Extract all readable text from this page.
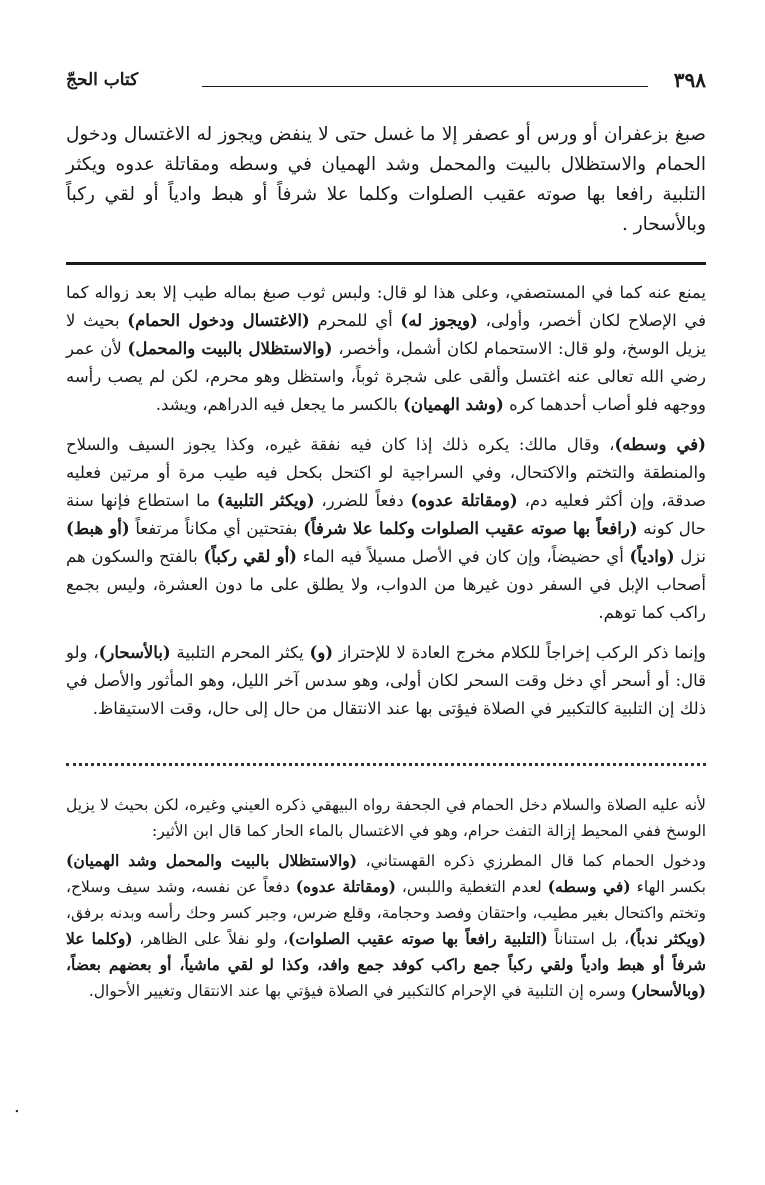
٣٩٨
كتاب الحجّ
صبغ بزعفران أو ورس أو عصفر إلا ما غسل حتى لا ينفض ويجوز له الاغتسال ودخول الحمام والاستظلال بالبيت والمحمل وشد الهميان في وسطه ومقاتلة عدوه ويكثر التلبية رافعا بها صوته عقيب الصلوات وكلما علا شرفاً أو هبط وادياً أو لقي ركباً وبالأسحار .

يمنع عنه كما في المستصفي، وعلى هذا لو قال: ولبس ثوب صبغ بماله طيب إلا بعد زواله كما في الإصلاح لكان أخصر، وأولى، (ويجوز له) أي للمحرم (الاغتسال ودخول الحمام) بحيث لا يزيل الوسخ، ولو قال: الاستحمام لكان أشمل، وأخصر، (والاستظلال بالبيت والمحمل) لأن عمر رضي الله تعالى عنه اغتسل وألقى على شجرة ثوباً، واستظل وهو محرم، لكن لم يصب رأسه ووجهه فلو أصاب أحدهما كره (وشد الهميان) بالكسر ما يجعل فيه الدراهم، ويشد.

(في وسطه)، وقال مالك: يكره ذلك إذا كان فيه نفقة غيره، وكذا يجوز السيف والسلاح والمنطقة والتختم والاكتحال، وفي السراجية لو اكتحل بكحل فيه طيب مرة أو مرتين فعليه صدقة، وإن أكثر فعليه دم، (ومقاتلة عدوه) دفعاً للضرر، (ويكثر التلبية) ما استطاع فإنها سنة حال كونه (رافعاً بها صوته عقيب الصلوات وكلما علا شرفاً) بفتحتين أي مكاناً مرتفعاً (أو هبط) نزل (وادياً) أي حضيضاً، وإن كان في الأصل مسيلاً فيه الماء (أو لقي ركباً) بالفتح والسكون هم أصحاب الإبل في السفر دون غيرها من الدواب، ولا يطلق على ما دون العشرة، وليس بجمع راكب كما توهم.

وإنما ذكر الركب إخراجاً للكلام مخرج العادة لا للإحتراز (و) يكثر المحرم التلبية (بالأسحار)، ولو قال: أو أسحر أي دخل وقت السحر لكان أولى، وهو سدس آخر الليل، وهو المأثور والأصل في ذلك إن التلبية كالتكبير في الصلاة فيؤتى بها عند الانتقال من حال إلى حال، وقت الاستيقاظ.

لأنه عليه الصلاة والسلام دخل الحمام في الجحفة رواه البيهقي ذكره العيني وغيره، لكن بحيث لا يزيل الوسخ ففي المحيط إزالة التفث حرام، وهو في الاغتسال بالماء الحار كما قال ابن الأثير:

ودخول الحمام كما قال المطرزي ذكره القهستاني، (والاستظلال بالبيت والمحمل وشد الهميان) بكسر الهاء (في وسطه) لعدم التغطية واللبس، (ومقاتلة عدوه) دفعاً عن نفسه، وشد سيف وسلاح، وتختم واكتحال بغير مطيب، واحتقان وفصد وحجامة، وقلع ضرس، وجبر كسر وحك رأسه وبدنه برفق، (ويكثر ندباً)، بل استناناً (التلبية رافعاً بها صوته عقيب الصلوات)، ولو نفلاً على الظاهر، (وكلما علا شرفاً أو هبط وادياً ولقي ركباً جمع راكب كوفد جمع وافد، وكذا لو لقي ماشياً، أو بعضهم بعضاً، (وبالأسحار) وسره إن التلبية في الإحرام كالتكبير في الصلاة فيؤتي بها عند الانتقال وتغيير الأحوال.

.
